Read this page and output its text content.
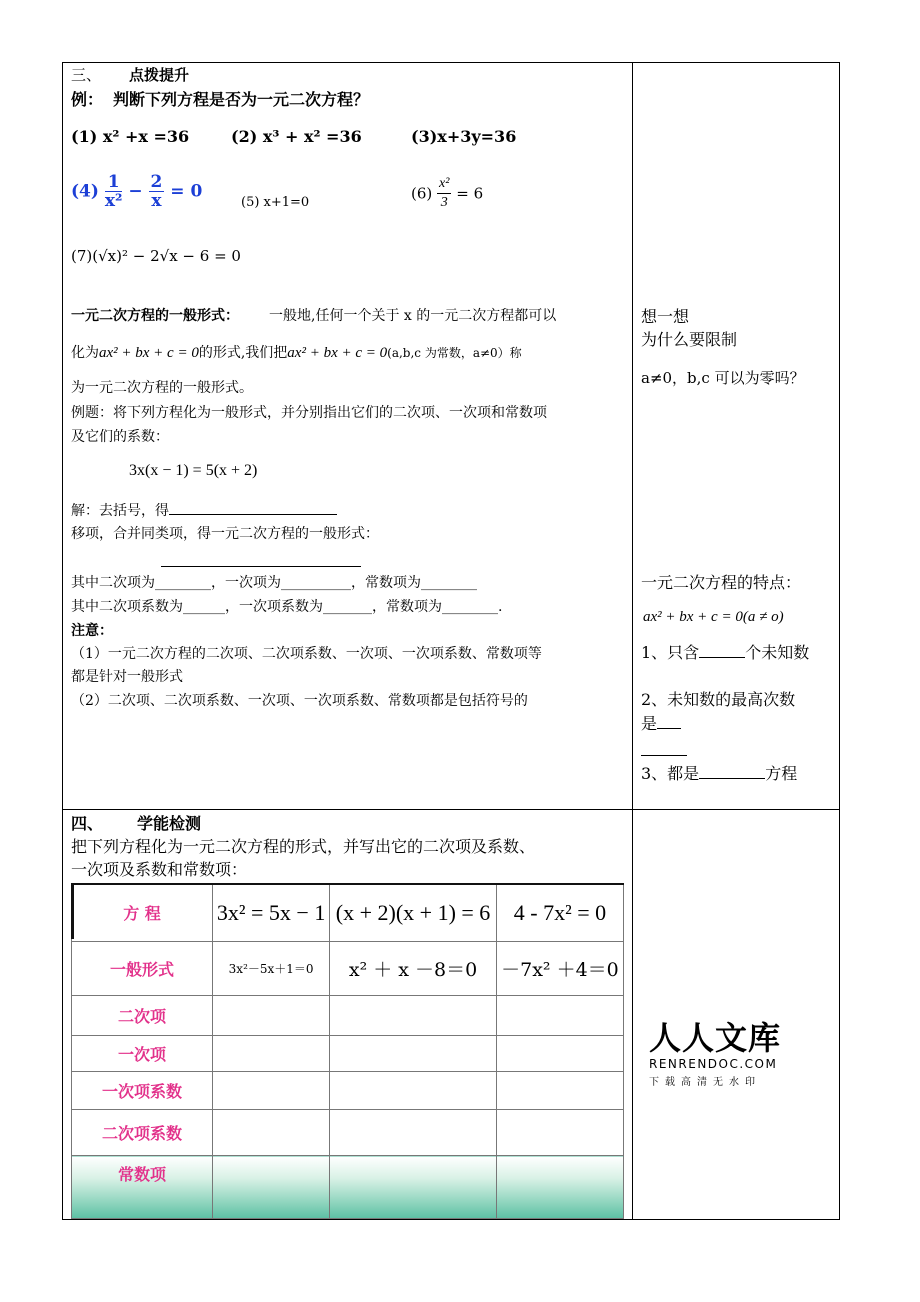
三、 点拨提升
例： 判断下列方程是否为一元二次方程？
(1) x² +x =36	(2) x³ + x² =36	(3)x+3y=36
$(4) \frac{1}{\text{x²}} - \frac{2}{x} = 0$
(5) x+1=0	$(6) \frac{\text{x²}}{3} = 6$
(7)(√x)² − 2√x − 6 = 0
一元二次方程的一般形式： 一般地,任何一个关于 x 的一元二次方程都可以
化为ax² + bx + c = 0的形式,我们把ax² + bx + c = 0(a,b,c 为常数，a≠0）称
为一元二次方程的一般形式。
例题：将下列方程化为一般形式，并分别指出它们的二次项、一次项和常数项
及它们的系数：
3x(x − 1) = 5(x + 2)
解：去括号，得
移项，合并同类项，得一元二次方程的一般形式：
其中二次项为________，一次项为__________，常数项为________
其中二次项系数为______，一次项系数为_______，常数项为________.
注意：
（1）一元二次方程的二次项、二次项系数、一次项、一次项系数、常数项等
都是针对一般形式
（2）二次项、二次项系数、一次项、一次项系数、常数项都是包括符号的
想一想
为什么要限制
a≠0，b,c 可以为零吗？
一元二次方程的特点：
ax² + bx + c = 0(a ≠ o)
1、只含	个未知数
2、未知数的最高次数
是
3、都是	方程
四、 学能检测
把下列方程化为一元二次方程的形式，并写出它的二次项及系数、
一次项及系数和常数项：
方 程	3x² = 5x − 1	(x + 2)(x + 1) = 6	4 - 7x² = 0
一般形式	3x²－5x＋1＝0	x² ＋ x －8＝0	－7x² ＋4＝0
二次项			
一次项			
一次项系数			
二次项系数			
常数项			
人人文库
RENRENDOC.COM
下载高清无水印
